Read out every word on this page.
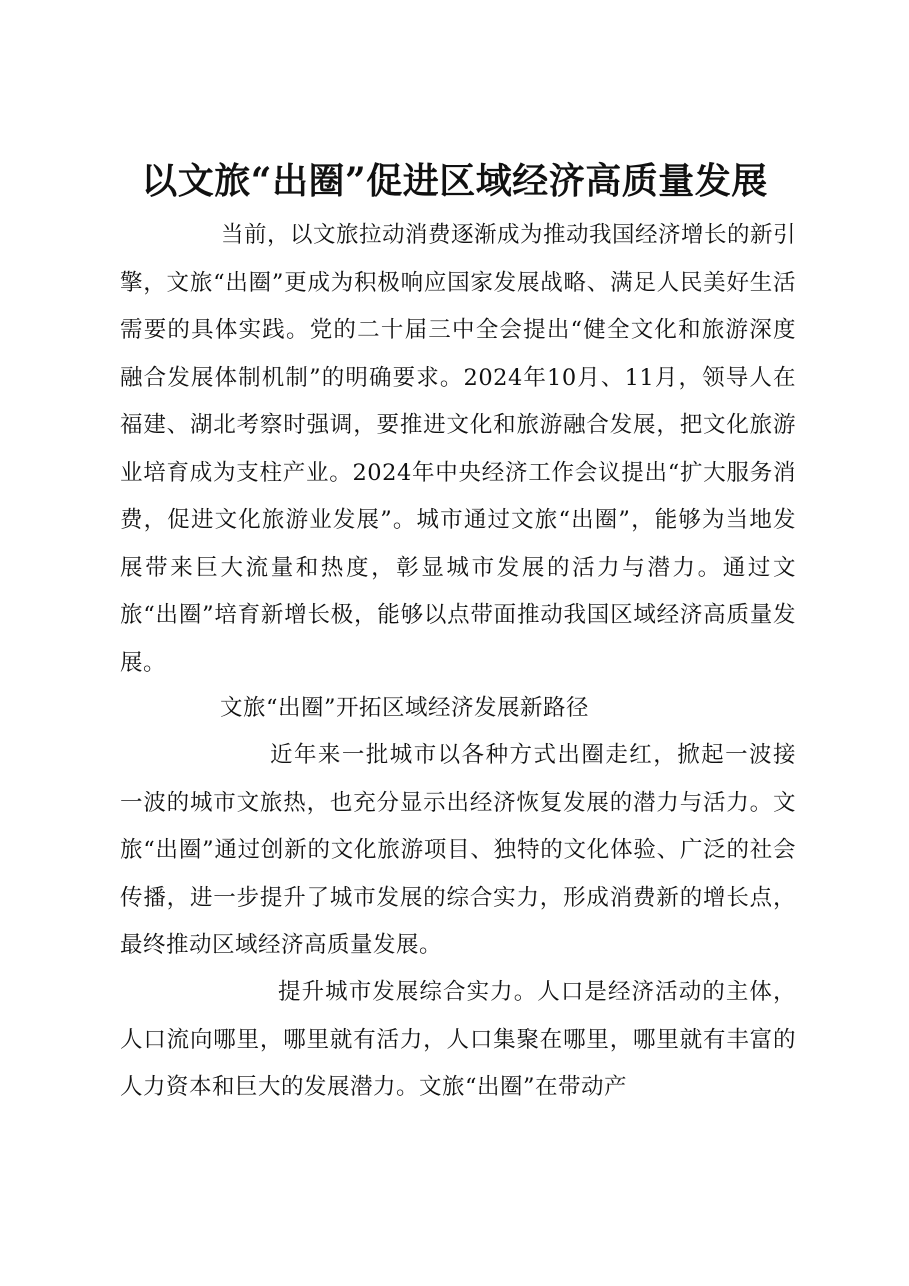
以文旅“出圈”促进区域经济高质量发展
当前，以文旅拉动消费逐渐成为推动我国经济增长的新引擎，文旅“出圈”更成为积极响应国家发展战略、满足人民美好生活需要的具体实践。党的二十届三中全会提出“健全文化和旅游深度融合发展体制机制”的明确要求。2024年10月、11月，领导人在福建、湖北考察时强调，要推进文化和旅游融合发展，把文化旅游业培育成为支柱产业。2024年中央经济工作会议提出“扩大服务消费，促进文化旅游业发展”。城市通过文旅“出圈”，能够为当地发展带来巨大流量和热度，彰显城市发展的活力与潜力。通过文旅“出圈”培育新增长极，能够以点带面推动我国区域经济高质量发展。
文旅“出圈”开拓区域经济发展新路径
近年来一批城市以各种方式出圈走红，掀起一波接一波的城市文旅热，也充分显示出经济恢复发展的潜力与活力。文旅“出圈”通过创新的文化旅游项目、独特的文化体验、广泛的社会传播，进一步提升了城市发展的综合实力，形成消费新的增长点，最终推动区域经济高质量发展。
提升城市发展综合实力。人口是经济活动的主体，人口流向哪里，哪里就有活力，人口集聚在哪里，哪里就有丰富的人力资本和巨大的发展潜力。文旅“出圈”在带动产
